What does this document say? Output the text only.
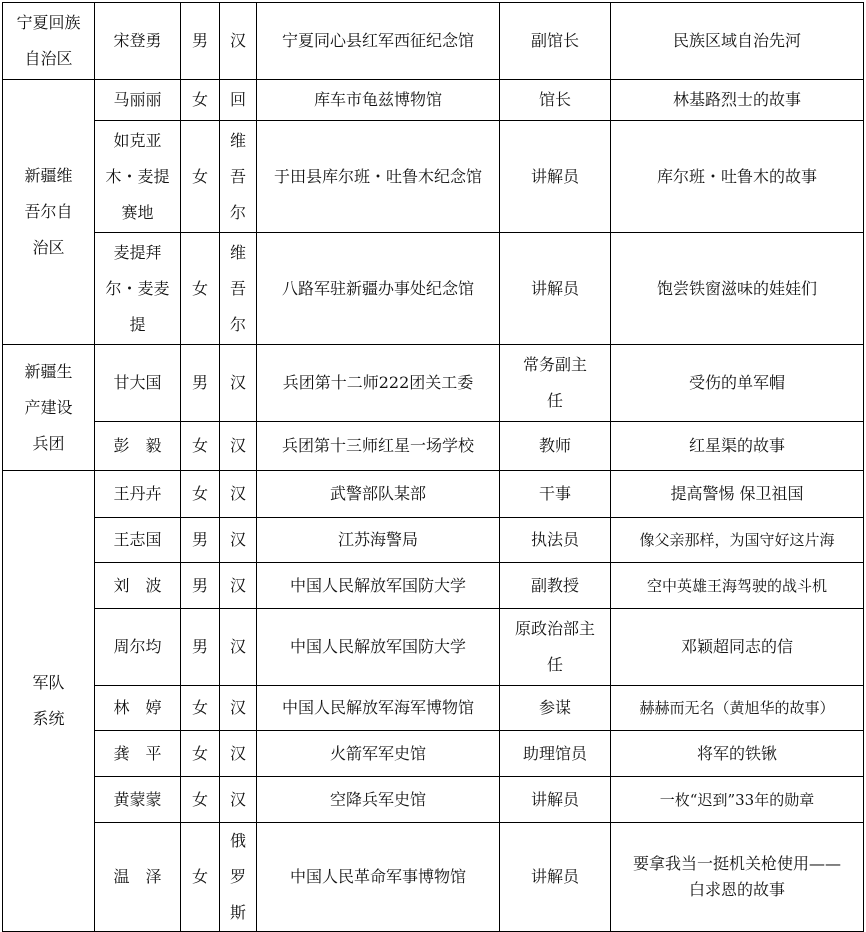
宁夏回族自治区	宋登勇	男	汉	宁夏同心县红军西征纪念馆	副馆长	民族区域自治先河
新疆维吾尔自治区	马丽丽	女	回	库车市龟兹博物馆	馆长	林基路烈士的故事
	如克亚木・麦提赛地	女	维吾尔	于田县库尔班・吐鲁木纪念馆	讲解员	库尔班・吐鲁木的故事
	麦提拜尔・麦麦提	女	维吾尔	八路军驻新疆办事处纪念馆	讲解员	饱尝铁窗滋味的娃娃们
新疆生产建设兵团	甘大国	男	汉	兵团第十二师222团关工委	常务副主任	受伤的单军帽
	彭　毅	女	汉	兵团第十三师红星一场学校	教师	红星渠的故事
军队系统	王丹卉	女	汉	武警部队某部	干事	提高警惕 保卫祖国
	王志国	男	汉	江苏海警局	执法员	像父亲那样，为国守好这片海
	刘　波	男	汉	中国人民解放军国防大学	副教授	空中英雄王海驾驶的战斗机
	周尔均	男	汉	中国人民解放军国防大学	原政治部主任	邓颖超同志的信
	林　婷	女	汉	中国人民解放军海军博物馆	参谋	赫赫而无名（黄旭华的故事）
	龚　平	女	汉	火箭军军史馆	助理馆员	将军的铁锹
	黄蒙蒙	女	汉	空降兵军史馆	讲解员	一枚“迟到”33年的勋章
	温　泽	女	俄罗斯	中国人民革命军事博物馆	讲解员	要拿我当一挺机关枪使用——白求恩的故事
